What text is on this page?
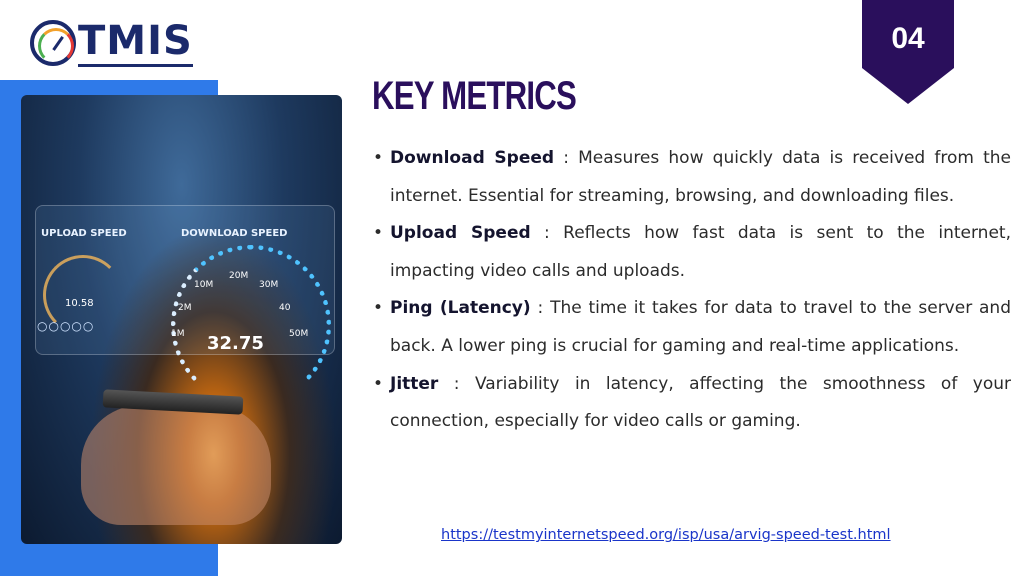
TMIS
UPLOAD SPEED	DOWNLOAD SPEED
10.58
○○○○○
10M
20M
30M
2M	40
1M	50M
32.75
04
KEY METRICS
• Download Speed : Measures how quickly data is received from the internet. Essential for streaming, browsing, and downloading files.
• Upload Speed : Reflects how fast data is sent to the internet, impacting video calls and uploads.
• Ping (Latency) : The time it takes for data to travel to the server and back. A lower ping is crucial for gaming and real-time applications.
• Jitter : Variability in latency, affecting the smoothness of your connection, especially for video calls or gaming.
https://testmyinternetspeed.org/isp/usa/arvig-speed-test.html
